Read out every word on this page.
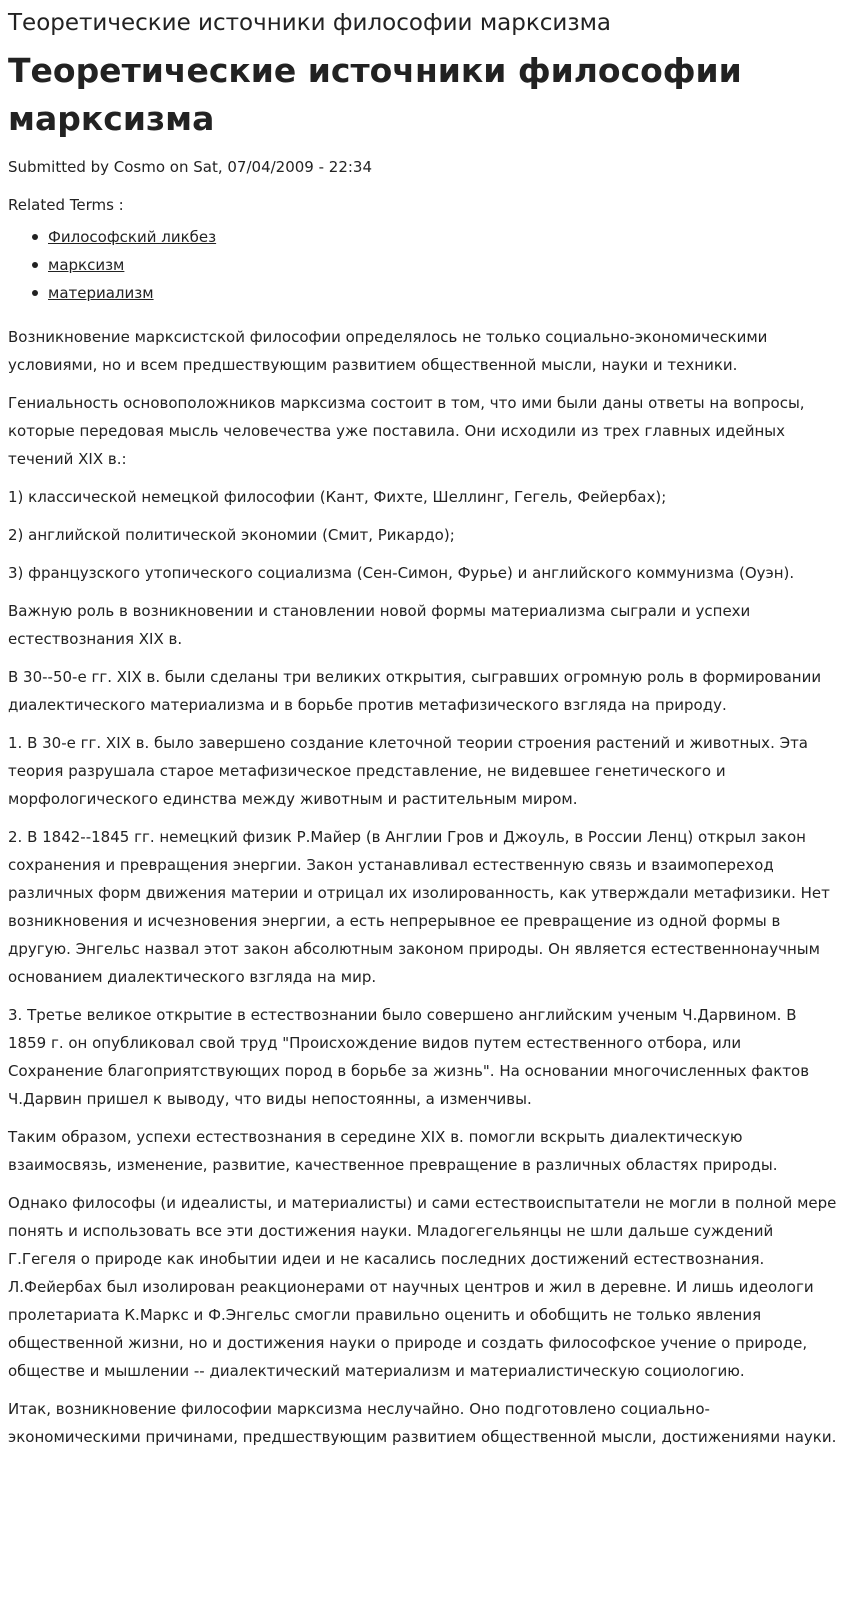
Теоретические источники философии марксизма
Теоретические источники философии марксизма
Submitted by Cosmo on Sat, 07/04/2009 - 22:34
Related Terms :
Философский ликбез
марксизм
материализм

Возникновение марксистской философии определялось не только социально-экономическими условиями, но и всем предшествующим развитием общественной мысли, науки и техники.

Гениальность основоположников марксизма состоит в том, что ими были даны ответы на вопросы, которые передовая мысль человечества уже поставила. Они исходили из трех главных идейных течений XIX в.:

1) классической немецкой философии (Кант, Фихте, Шеллинг, Гегель, Фейербах);

2) английской политической экономии (Смит, Рикардо);

3) французского утопического социализма (Сен-Симон, Фурье) и английского коммунизма (Оуэн).

Важную роль в возникновении и становлении новой формы материализма сыграли и успехи естествознания XIX в.

В 30--50-е гг. XIX в. были сделаны три великих открытия, сыгравших огромную роль в формировании диалектического материализма и в борьбе против метафизического взгляда на природу.

1. В 30-е гг. XIX в. было завершено создание клеточной теории строения растений и животных. Эта теория разрушала старое метафизическое представление, не видевшее генетического и морфологического единства между животным и растительным миром.

2. В 1842--1845 гг. немецкий физик Р.Майер (в Англии Гров и Джоуль, в России Ленц) открыл закон сохранения и превращения энергии. Закон устанавливал естественную связь и взаимопереход различных форм движения материи и отрицал их изолированность, как утверждали метафизики. Нет возникновения и исчезновения энергии, а есть непрерывное ее превращение из одной формы в другую. Энгельс назвал этот закон абсолютным законом природы. Он является естественнонаучным основанием диалектического взгляда на мир.

3. Третье великое открытие в естествознании было совершено английским ученым Ч.Дарвином. В 1859 г. он опубликовал свой труд "Происхождение видов путем естественного отбора, или Сохранение благоприятствующих пород в борьбе за жизнь". На основании многочисленных фактов Ч.Дарвин пришел к выводу, что виды непостоянны, а изменчивы.

Таким образом, успехи естествознания в середине XIX в. помогли вскрыть диалектическую взаимосвязь, изменение, развитие, качественное превращение в различных областях природы.

Однако философы (и идеалисты, и материалисты) и сами естествоиспытатели не могли в полной мере понять и использовать все эти достижения науки. Младогегельянцы не шли дальше суждений Г.Гегеля о природе как инобытии идеи и не касались последних достижений естествознания. Л.Фейербах был изолирован реакционерами от научных центров и жил в деревне. И лишь идеологи пролетариата К.Маркс и Ф.Энгельс смогли правильно оценить и обобщить не только явления общественной жизни, но и достижения науки о природе и создать философское учение о природе, обществе и мышлении -- диалектический материализм и материалистическую социологию.

Итак, возникновение философии марксизма неслучайно. Оно подготовлено социально-экономическими причинами, предшествующим развитием общественной мысли, достижениями науки.
